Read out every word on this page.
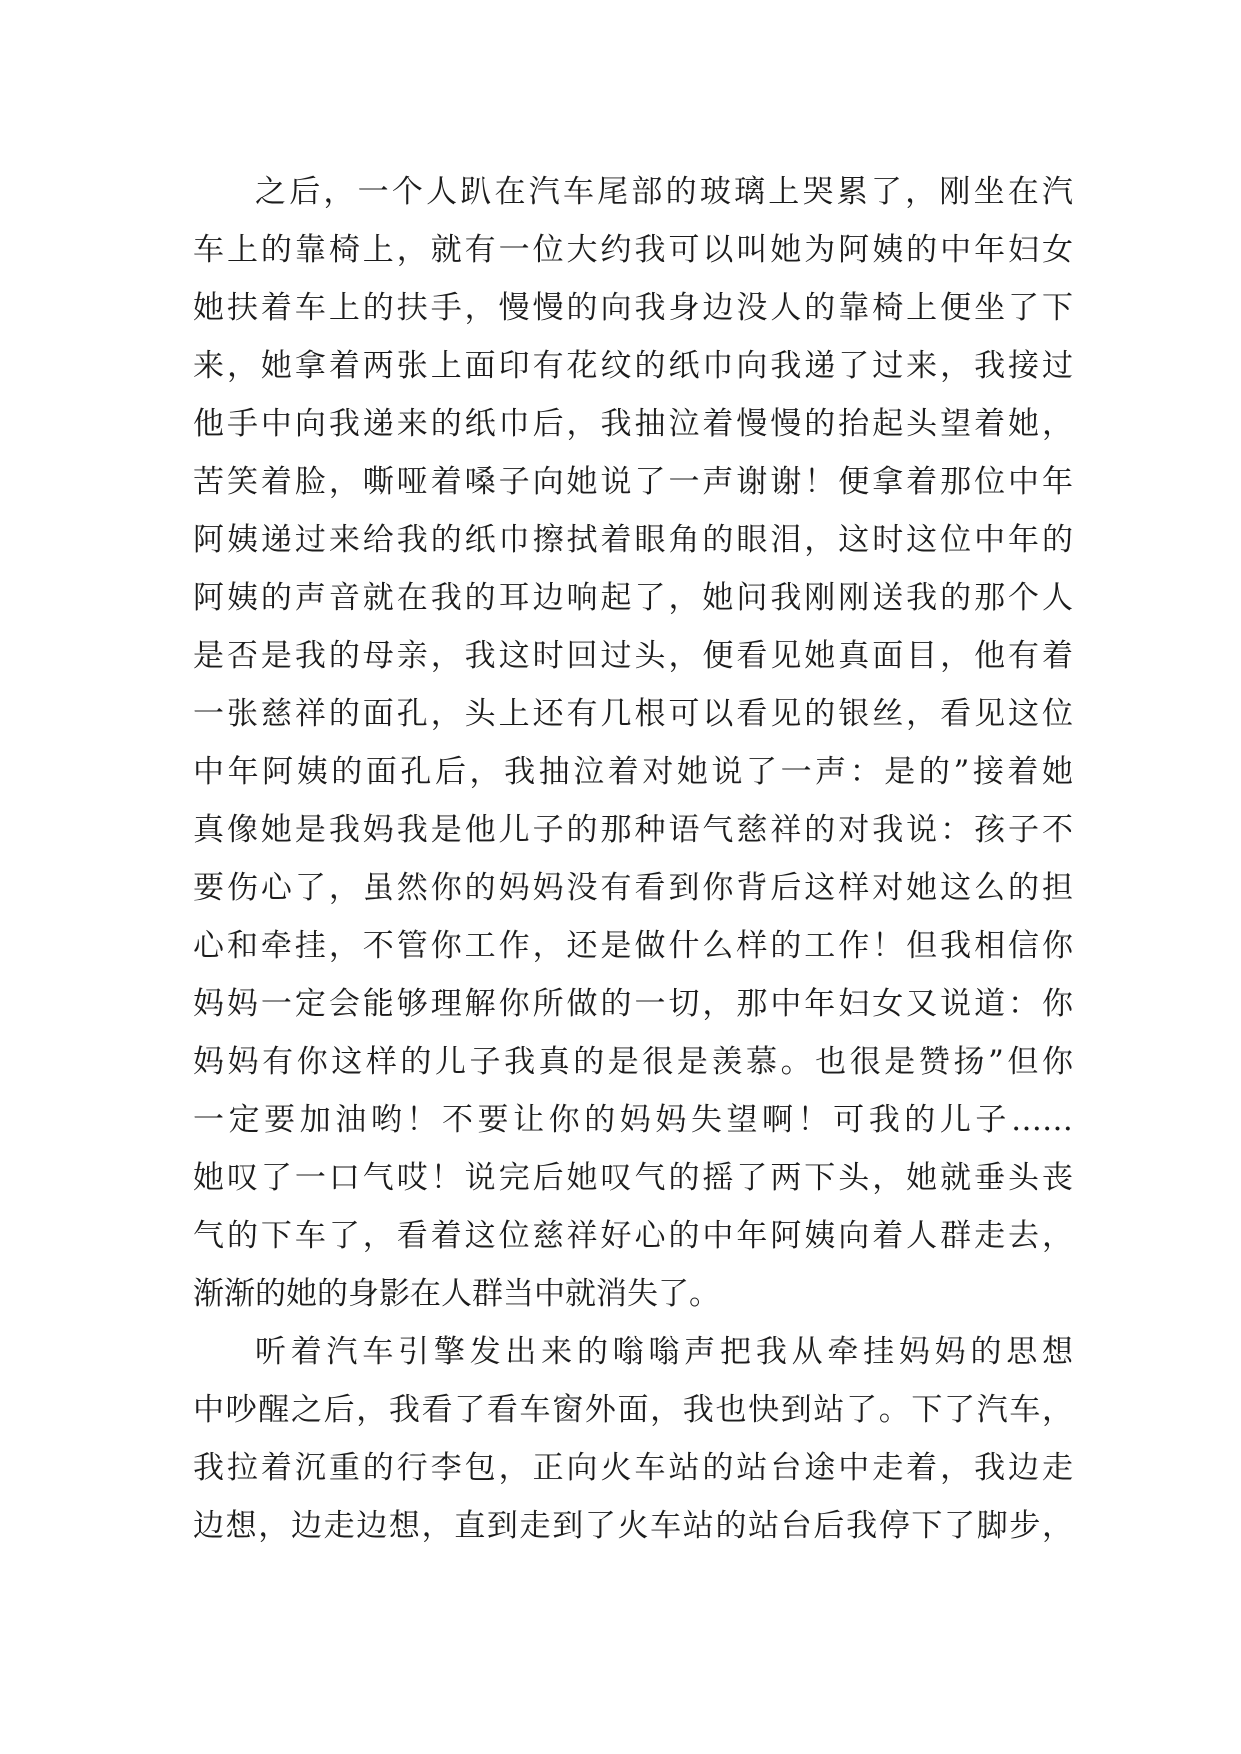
之后，一个人趴在汽车尾部的玻璃上哭累了，刚坐在汽
车上的靠椅上，就有一位大约我可以叫她为阿姨的中年妇女
她扶着车上的扶手，慢慢的向我身边没人的靠椅上便坐了下
来，她拿着两张上面印有花纹的纸巾向我递了过来，我接过
他手中向我递来的纸巾后，我抽泣着慢慢的抬起头望着她，
苦笑着脸，嘶哑着嗓子向她说了一声谢谢！便拿着那位中年
阿姨递过来给我的纸巾擦拭着眼角的眼泪，这时这位中年的
阿姨的声音就在我的耳边响起了，她问我刚刚送我的那个人
是否是我的母亲，我这时回过头，便看见她真面目，他有着
一张慈祥的面孔，头上还有几根可以看见的银丝，看见这位
中年阿姨的面孔后，我抽泣着对她说了一声：是的”接着她
真像她是我妈我是他儿子的那种语气慈祥的对我说：孩子不
要伤心了，虽然你的妈妈没有看到你背后这样对她这么的担
心和牵挂，不管你工作，还是做什么样的工作！但我相信你
妈妈一定会能够理解你所做的一切，那中年妇女又说道：你
妈妈有你这样的儿子我真的是很是羡慕。也很是赞扬”但你
一定要加油哟！不要让你的妈妈失望啊！可我的儿子……
她叹了一口气哎！说完后她叹气的摇了两下头，她就垂头丧
气的下车了，看着这位慈祥好心的中年阿姨向着人群走去，
渐渐的她的身影在人群当中就消失了。

听着汽车引擎发出来的嗡嗡声把我从牵挂妈妈的思想
中吵醒之后，我看了看车窗外面，我也快到站了。下了汽车，
我拉着沉重的行李包，正向火车站的站台途中走着，我边走
边想，边走边想，直到走到了火车站的站台后我停下了脚步，
